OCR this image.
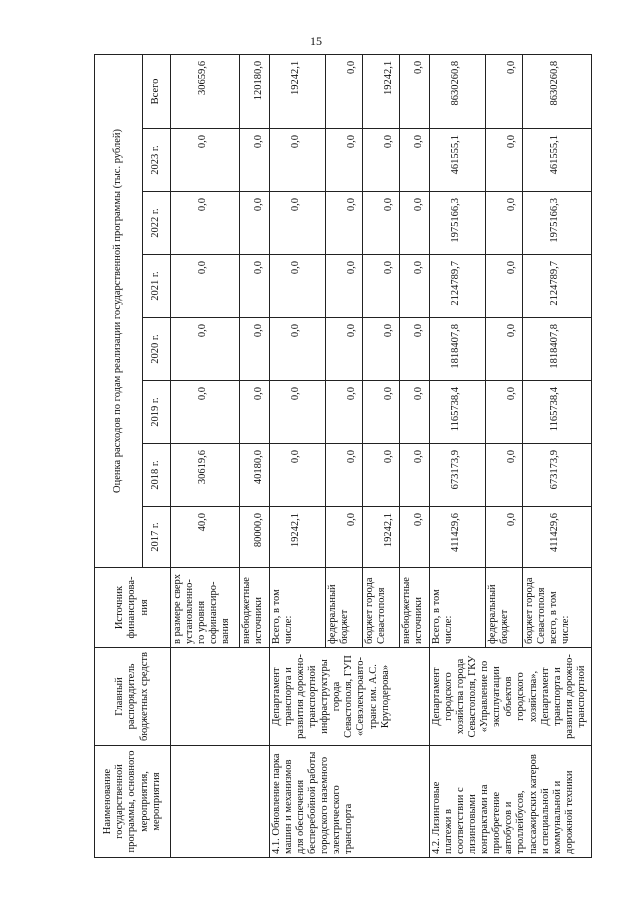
15
Наименование государственной программы, основного мероприятия, мероприятия	Главный распорядитель бюджетных средств	Источник финансирова-ния	Оценка расходов по годам реализации государственной программы (тыс. рублей)							
			2017 г.	2018 г.	2019 г.	2020 г.	2021 г.	2022 г.	2023 г.	Всего
		в размере сверх установленно-го уровня софинансиро-вания	40,0	30619,6	0,0	0,0	0,0	0,0	0,0	30659,6
		внебюджетные источники	80000,0	40180,0	0,0	0,0	0,0	0,0	0,0	120180,0
4.1. Обновление парка машин и механизмов для обеспечения бесперебойной работы городского наземного электрического транспорта	Департамент транспорта и развития дорожно-транспортной инфраструктуры города Севастополя, ГУП «Севэлектроавто-транс им. А.С. Круподерова»	Всего, в том числе:	19242,1	0,0	0,0	0,0	0,0	0,0	0,0	19242,1
		федеральный бюджет	0,0	0,0	0,0	0,0	0,0	0,0	0,0	0,0
		бюджет города Севастополя	19242,1	0,0	0,0	0,0	0,0	0,0	0,0	19242,1
		внебюджетные источники	0,0	0,0	0,0	0,0	0,0	0,0	0,0	0,0
4.2. Лизинговые платежи в соответствии с лизинговыми контрактами на приобретение автобусов и троллейбусов, пассажирских катеров и специальной коммунальной и дорожной техники	Департамент городского хозяйства города Севастополя, ГКУ «Управление по эксплуатации объектов городского хозяйства», Департамент транспорта и развития дорожно-транспортной	Всего, в том числе:	411429,6	673173,9	1165738,4	1818407,8	2124789,7	1975166,3	461555,1	8630260,8
		федеральный бюджет	0,0	0,0	0,0	0,0	0,0	0,0	0,0	0,0
		бюджет города Севастополя всего, в том числе:	411429,6	673173,9	1165738,4	1818407,8	2124789,7	1975166,3	461555,1	8630260,8
